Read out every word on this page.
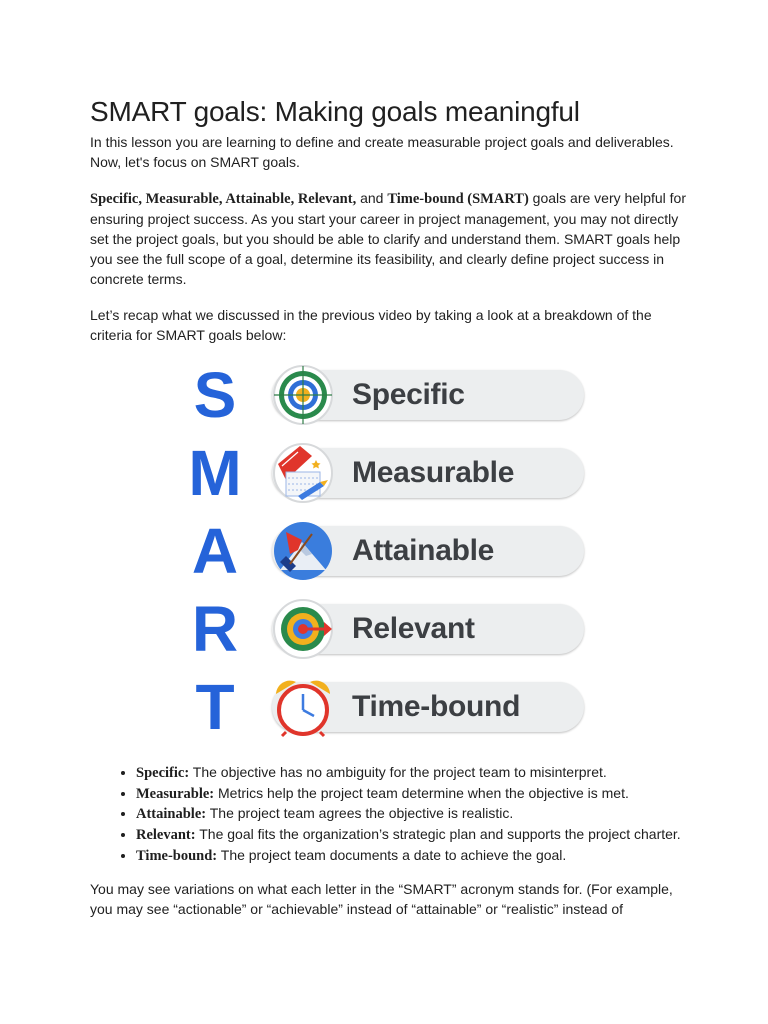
SMART goals: Making goals meaningful

In this lesson you are learning to define and create measurable project goals and deliverables. Now, let's focus on SMART goals.

Specific, Measurable, Attainable, Relevant, and Time-bound (SMART) goals are very helpful for ensuring project success. As you start your career in project management, you may not directly set the project goals, but you should be able to clarify and understand them. SMART goals help you see the full scope of a goal, determine its feasibility, and clearly define project success in concrete terms.

Let’s recap what we discussed in the previous video by taking a look at a breakdown of the criteria for SMART goals below:

S	Specific
M	Measurable
A	Attainable
R	Relevant
T	Time-bound
• Specific: The objective has no ambiguity for the project team to misinterpret.
• Measurable: Metrics help the project team determine when the objective is met.
• Attainable: The project team agrees the objective is realistic.
• Relevant: The goal fits the organization’s strategic plan and supports the project charter.
• Time-bound: The project team documents a date to achieve the goal.

You may see variations on what each letter in the “SMART” acronym stands for. (For example, you may see “actionable” or “achievable” instead of “attainable” or “realistic” instead of
